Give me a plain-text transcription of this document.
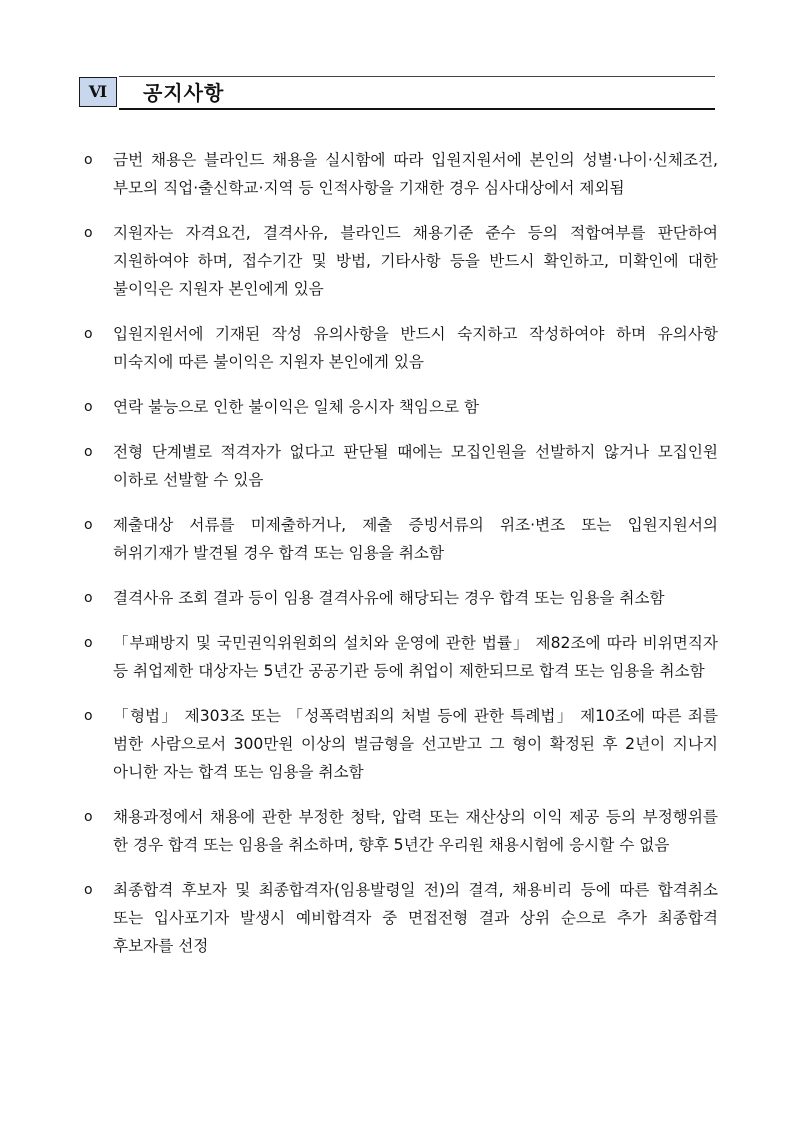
Ⅵ	공지사항
o 금번 채용은 블라인드 채용을 실시함에 따라 입원지원서에 본인의 성별·나이·신체조건, 부모의 직업·출신학교·지역 등 인적사항을 기재한 경우 심사대상에서 제외됨
o 지원자는 자격요건, 결격사유, 블라인드 채용기준 준수 등의 적합여부를 판단하여 지원하여야 하며, 접수기간 및 방법, 기타사항 등을 반드시 확인하고, 미확인에 대한 불이익은 지원자 본인에게 있음
o 입원지원서에 기재된 작성 유의사항을 반드시 숙지하고 작성하여야 하며 유의사항 미숙지에 따른 불이익은 지원자 본인에게 있음
o 연락 불능으로 인한 불이익은 일체 응시자 책임으로 함
o 전형 단계별로 적격자가 없다고 판단될 때에는 모집인원을 선발하지 않거나 모집인원 이하로 선발할 수 있음
o 제출대상 서류를 미제출하거나, 제출 증빙서류의 위조·변조 또는 입원지원서의 허위기재가 발견될 경우 합격 또는 임용을 취소함
o 결격사유 조회 결과 등이 임용 결격사유에 해당되는 경우 합격 또는 임용을 취소함
o 「부패방지 및 국민권익위원회의 설치와 운영에 관한 법률」 제82조에 따라 비위면직자 등 취업제한 대상자는 5년간 공공기관 등에 취업이 제한되므로 합격 또는 임용을 취소함
o 「형법」 제303조 또는 「성폭력범죄의 처벌 등에 관한 특례법」 제10조에 따른 죄를 범한 사람으로서 300만원 이상의 벌금형을 선고받고 그 형이 확정된 후 2년이 지나지 아니한 자는 합격 또는 임용을 취소함
o 채용과정에서 채용에 관한 부정한 청탁, 압력 또는 재산상의 이익 제공 등의 부정행위를 한 경우 합격 또는 임용을 취소하며, 향후 5년간 우리원 채용시험에 응시할 수 없음
o 최종합격 후보자 및 최종합격자(임용발령일 전)의 결격, 채용비리 등에 따른 합격취소 또는 입사포기자 발생시 예비합격자 중 면접전형 결과 상위 순으로 추가 최종합격 후보자를 선정
